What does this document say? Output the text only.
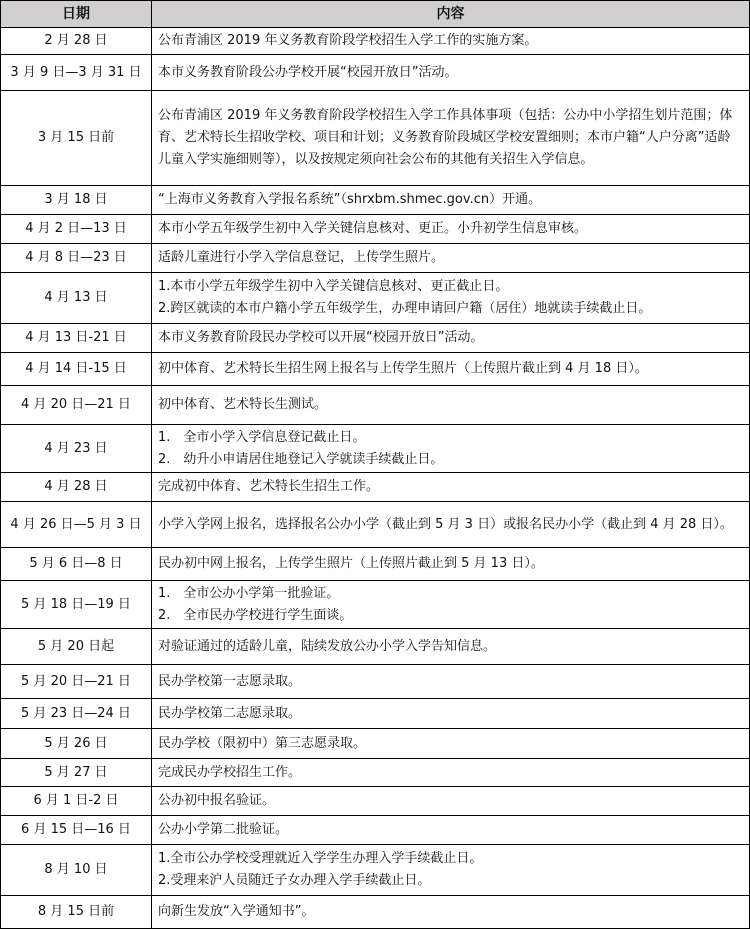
日期	内容
2 月 28 日	公布青浦区 2019 年义务教育阶段学校招生入学工作的实施方案。

3 月 9 日—3 月 31 日	本市义务教育阶段公办学校开展“校园开放日”活动。

3 月 15 日前	公布青浦区 2019 年义务教育阶段学校招生入学工作具体事项（包括：公办中小学招生划片范围；体育、艺术特长生招收学校、项目和计划；义务教育阶段城区学校安置细则；本市户籍“人户分离”适龄儿童入学实施细则等），以及按规定须向社会公布的其他有关招生入学信息。

3 月 18 日	“上海市义务教育入学报名系统”（shrxbm.shmec.gov.cn）开通。

4 月 2 日—13 日	本市小学五年级学生初中入学关键信息核对、更正。小升初学生信息审核。

4 月 8 日—23 日	适龄儿童进行小学入学信息登记，上传学生照片。

4 月 13 日	1.本市小学五年级学生初中入学关键信息核对、更正截止日。
2.跨区就读的本市户籍小学五年级学生，办理申请回户籍（居住）地就读手续截止日。

4 月 13 日-21 日	本市义务教育阶段民办学校可以开展“校园开放日”活动。

4 月 14 日-15 日	初中体育、艺术特长生招生网上报名与上传学生照片（上传照片截止到 4 月 18 日）。

4 月 20 日—21 日	初中体育、艺术特长生测试。

4 月 23 日	1.　全市小学入学信息登记截止日。
2.　幼升小申请居住地登记入学就读手续截止日。

4 月 28 日	完成初中体育、艺术特长生招生工作。

4 月 26 日—5 月 3 日	小学入学网上报名，选择报名公办小学（截止到 5 月 3 日）或报名民办小学（截止到 4 月 28 日）。

5 月 6 日—8 日	民办初中网上报名，上传学生照片（上传照片截止到 5 月 13 日）。

5 月 18 日—19 日	1.　全市公办小学第一批验证。
2.　全市民办学校进行学生面谈。

5 月 20 日起	对验证通过的适龄儿童，陆续发放公办小学入学告知信息。

5 月 20 日—21 日	民办学校第一志愿录取。

5 月 23 日—24 日	民办学校第二志愿录取。

5 月 26 日	民办学校（限初中）第三志愿录取。

5 月 27 日	完成民办学校招生工作。

6 月 1 日-2 日	公办初中报名验证。

6 月 15 日—16 日	公办小学第二批验证。

8 月 10 日	1.全市公办学校受理就近入学学生办理入学手续截止日。
2.受理来沪人员随迁子女办理入学手续截止日。

8 月 15 日前	向新生发放“入学通知书”。
